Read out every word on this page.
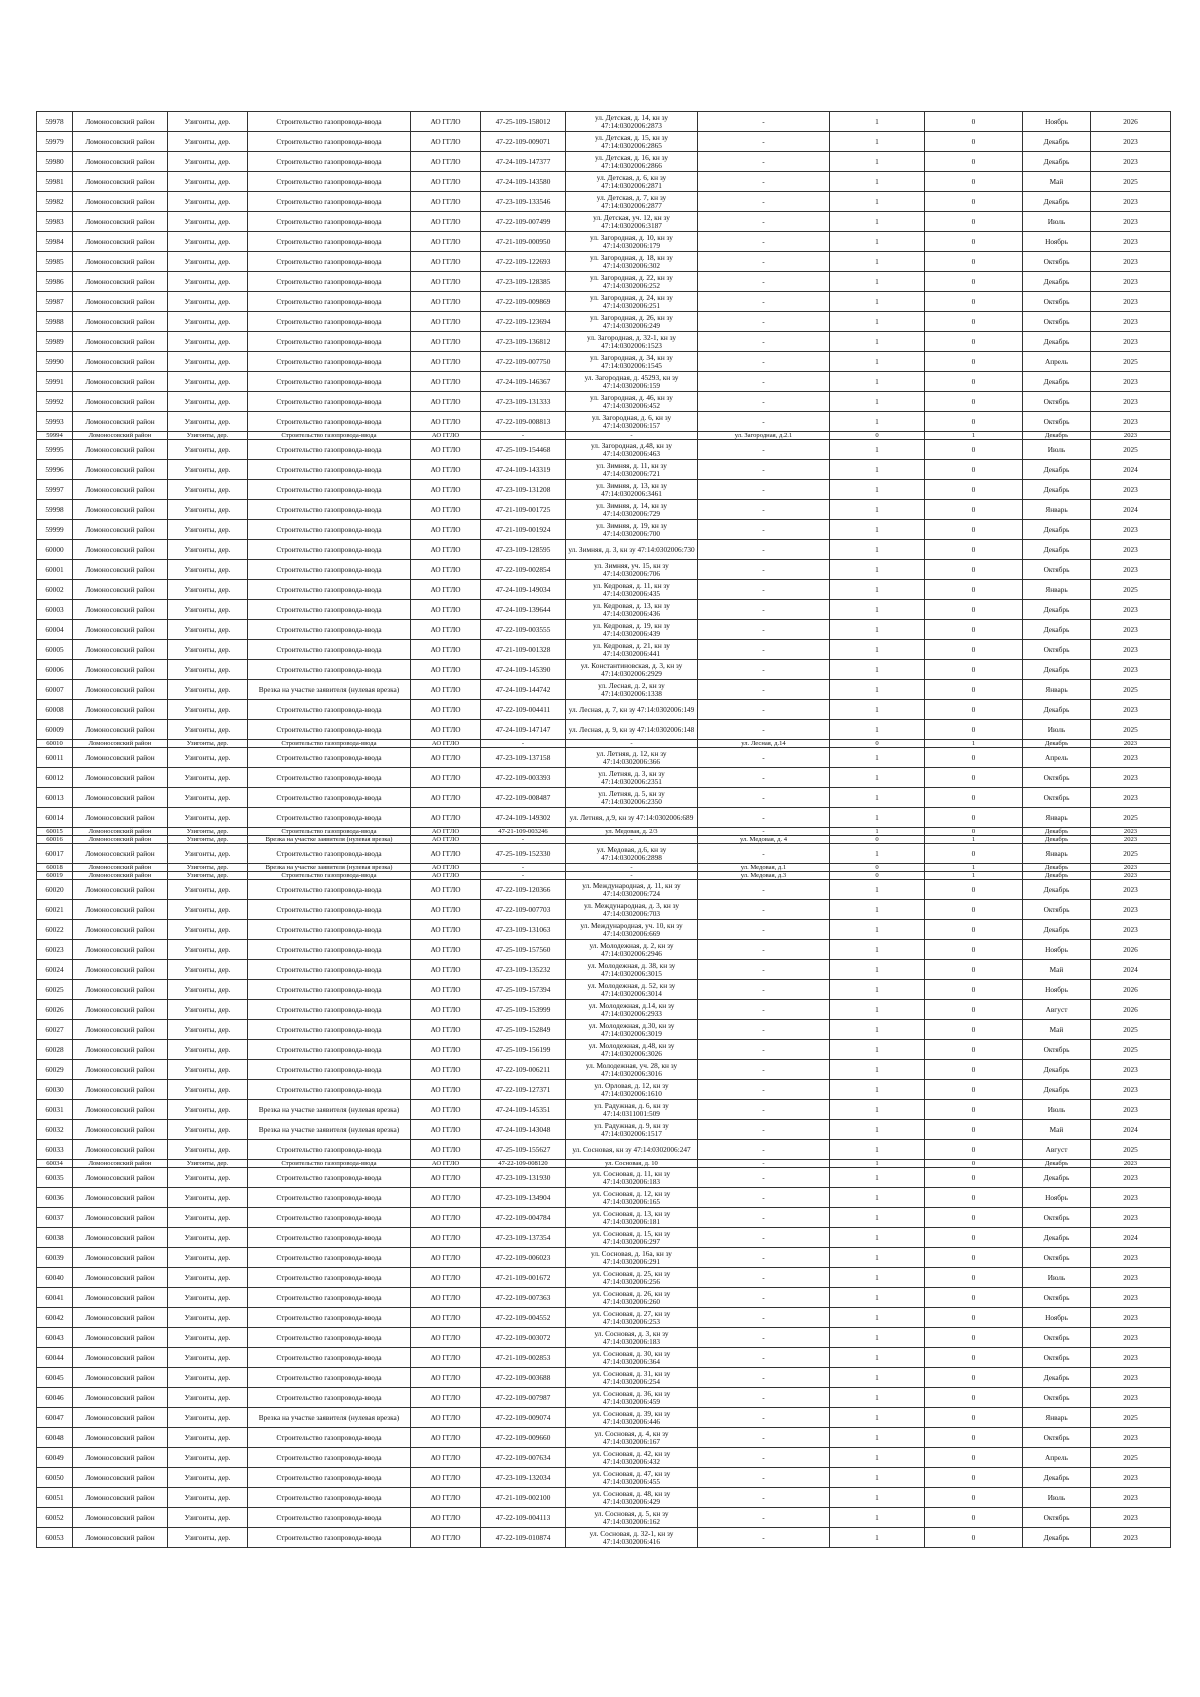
59978	Ломоносовский район	Узигонты, дер.	Строительство газопровода-ввода	АО ГГЛО	47-25-109-158012	ул. Детская, д. 14, кн зу 47:14:0302006:2873	-	1	0	Ноябрь	2026
59979	Ломоносовский район	Узигонты, дер.	Строительство газопровода-ввода	АО ГГЛО	47-22-109-009071	ул. Детская, д. 15, кн зу 47:14:0302006:2865	-	1	0	Декабрь	2023
59980	Ломоносовский район	Узигонты, дер.	Строительство газопровода-ввода	АО ГГЛО	47-24-109-147377	ул. Детская, д. 16, кн зу 47:14:0302006:2866	-	1	0	Декабрь	2023
59981	Ломоносовский район	Узигонты, дер.	Строительство газопровода-ввода	АО ГГЛО	47-24-109-143580	ул. Детская, д. 6, кн зу 47:14:0302006:2871	-	1	0	Май	2025
59982	Ломоносовский район	Узигонты, дер.	Строительство газопровода-ввода	АО ГГЛО	47-23-109-133546	ул. Детская, д. 7, кн зу 47:14:0302006:2877	-	1	0	Декабрь	2023
59983	Ломоносовский район	Узигонты, дер.	Строительство газопровода-ввода	АО ГГЛО	47-22-109-007499	ул. Детская, уч. 12, кн зу 47:14:0302006:3187	-	1	0	Июль	2023
59984	Ломоносовский район	Узигонты, дер.	Строительство газопровода-ввода	АО ГГЛО	47-21-109-000950	ул. Загородная, д. 10, кн зу 47:14:0302006:179	-	1	0	Ноябрь	2023
59985	Ломоносовский район	Узигонты, дер.	Строительство газопровода-ввода	АО ГГЛО	47-22-109-122693	ул. Загородная, д. 18, кн зу 47:14:0302006:302	-	1	0	Октябрь	2023
59986	Ломоносовский район	Узигонты, дер.	Строительство газопровода-ввода	АО ГГЛО	47-23-109-128385	ул. Загородная, д. 22, кн зу 47:14:0302006:252	-	1	0	Декабрь	2023
59987	Ломоносовский район	Узигонты, дер.	Строительство газопровода-ввода	АО ГГЛО	47-22-109-009869	ул. Загородная, д. 24, кн зу 47:14:0302006:251	-	1	0	Октябрь	2023
59988	Ломоносовский район	Узигонты, дер.	Строительство газопровода-ввода	АО ГГЛО	47-22-109-123694	ул. Загородная, д. 26, кн зу 47:14:0302006:249	-	1	0	Октябрь	2023
59989	Ломоносовский район	Узигонты, дер.	Строительство газопровода-ввода	АО ГГЛО	47-23-109-136812	ул. Загородная, д. 32-1, кн зу 47:14:0302006:1523	-	1	0	Декабрь	2023
59990	Ломоносовский район	Узигонты, дер.	Строительство газопровода-ввода	АО ГГЛО	47-22-109-007750	ул. Загородная, д. 34, кн зу 47:14:0302006:1545	-	1	0	Апрель	2025
59991	Ломоносовский район	Узигонты, дер.	Строительство газопровода-ввода	АО ГГЛО	47-24-109-146367	ул. Загородная, д. 45293, кн зу 47:14:0302006:159	-	1	0	Декабрь	2023
59992	Ломоносовский район	Узигонты, дер.	Строительство газопровода-ввода	АО ГГЛО	47-23-109-131333	ул. Загородная, д. 46, кн зу 47:14:0302006:452	-	1	0	Октябрь	2023
59993	Ломоносовский район	Узигонты, дер.	Строительство газопровода-ввода	АО ГГЛО	47-22-109-008813	ул. Загородная, д. 6, кн зу 47:14:0302006:157	-	1	0	Октябрь	2023
59994	Ломоносовский район	Узигонты, дер.	Строительство газопровода-ввода	АО ГГЛО	-	-	ул. Загородная, д.2.1	0	1	Декабрь	2023
59995	Ломоносовский район	Узигонты, дер.	Строительство газопровода-ввода	АО ГГЛО	47-25-109-154468	ул. Загородная, д.48, кн зу 47:14:0302006:463	-	1	0	Июль	2025
59996	Ломоносовский район	Узигонты, дер.	Строительство газопровода-ввода	АО ГГЛО	47-24-109-143319	ул. Зимняя, д. 11, кн зу 47:14:0302006:721	-	1	0	Декабрь	2024
59997	Ломоносовский район	Узигонты, дер.	Строительство газопровода-ввода	АО ГГЛО	47-23-109-131208	ул. Зимняя, д. 13, кн зу 47:14:0302006:3461	-	1	0	Декабрь	2023
59998	Ломоносовский район	Узигонты, дер.	Строительство газопровода-ввода	АО ГГЛО	47-21-109-001725	ул. Зимняя, д. 14, кн зу 47:14:0302006:729	-	1	0	Январь	2024
59999	Ломоносовский район	Узигонты, дер.	Строительство газопровода-ввода	АО ГГЛО	47-21-109-001924	ул. Зимняя, д. 19, кн зу 47:14:0302006:700	-	1	0	Декабрь	2023
60000	Ломоносовский район	Узигонты, дер.	Строительство газопровода-ввода	АО ГГЛО	47-23-109-128595	ул. Зимняя, д. 3, кн зу 47:14:0302006:730	-	1	0	Декабрь	2023
60001	Ломоносовский район	Узигонты, дер.	Строительство газопровода-ввода	АО ГГЛО	47-22-109-002854	ул. Зимняя, уч. 15, кн зу 47:14:0302006:706	-	1	0	Октябрь	2023
60002	Ломоносовский район	Узигонты, дер.	Строительство газопровода-ввода	АО ГГЛО	47-24-109-149034	ул. Кедровая, д. 11, кн зу 47:14:0302006:435	-	1	0	Январь	2025
60003	Ломоносовский район	Узигонты, дер.	Строительство газопровода-ввода	АО ГГЛО	47-24-109-139644	ул. Кедровая, д. 13, кн зу 47:14:0302006:436	-	1	0	Декабрь	2023
60004	Ломоносовский район	Узигонты, дер.	Строительство газопровода-ввода	АО ГГЛО	47-22-109-003555	ул. Кедровая, д. 19, кн зу 47:14:0302006:439	-	1	0	Декабрь	2023
60005	Ломоносовский район	Узигонты, дер.	Строительство газопровода-ввода	АО ГГЛО	47-21-109-001328	ул. Кедровая, д. 21, кн зу 47:14:0302006:441	-	1	0	Октябрь	2023
60006	Ломоносовский район	Узигонты, дер.	Строительство газопровода-ввода	АО ГГЛО	47-24-109-145390	ул. Константиновская, д. 3, кн зу 47:14:0302006:2929	-	1	0	Декабрь	2023
60007	Ломоносовский район	Узигонты, дер.	Врезка на участке заявителя (нулевая врезка)	АО ГГЛО	47-24-109-144742	ул. Лесная, д. 2, кн зу 47:14:0302006:1338	-	1	0	Январь	2025
60008	Ломоносовский район	Узигонты, дер.	Строительство газопровода-ввода	АО ГГЛО	47-22-109-004411	ул. Лесная, д. 7, кн зу 47:14:0302006:149	-	1	0	Декабрь	2023
60009	Ломоносовский район	Узигонты, дер.	Строительство газопровода-ввода	АО ГГЛО	47-24-109-147147	ул. Лесная, д. 9, кн зу 47:14:0302006:148	-	1	0	Июль	2025
60010	Ломоносовский район	Узигонты, дер.	Строительство газопровода-ввода	АО ГГЛО	-	-	ул. Лесная, д.14	0	1	Декабрь	2023
60011	Ломоносовский район	Узигонты, дер.	Строительство газопровода-ввода	АО ГГЛО	47-23-109-137158	ул. Летняя, д. 12, кн зу 47:14:0302006:366	-	1	0	Апрель	2023
60012	Ломоносовский район	Узигонты, дер.	Строительство газопровода-ввода	АО ГГЛО	47-22-109-003393	ул. Летняя, д. 3, кн зу 47:14:0302006:2351	-	1	0	Октябрь	2023
60013	Ломоносовский район	Узигонты, дер.	Строительство газопровода-ввода	АО ГГЛО	47-22-109-008487	ул. Летняя, д. 5, кн зу 47:14:0302006:2350	-	1	0	Октябрь	2023
60014	Ломоносовский район	Узигонты, дер.	Строительство газопровода-ввода	АО ГГЛО	47-24-109-149302	ул. Летняя, д.9, кн зу 47:14:0302006:689	-	1	0	Январь	2025
60015	Ломоносовский район	Узигонты, дер.	Строительство газопровода-ввода	АО ГГЛО	47-21-109-003246	ул. Медовая, д. 2/3	-	1	0	Декабрь	2023
60016	Ломоносовский район	Узигонты, дер.	Врезка на участке заявителя (нулевая врезка)	АО ГГЛО	-	-	ул. Медовая, д. 4	0	1	Декабрь	2023
60017	Ломоносовский район	Узигонты, дер.	Строительство газопровода-ввода	АО ГГЛО	47-25-109-152330	ул. Медовая, д.6, кн зу 47:14:0302006:2898	-	1	0	Январь	2025
60018	Ломоносовский район	Узигонты, дер.	Врезка на участке заявителя (нулевая врезка)	АО ГГЛО	-	-	ул. Медовая, д.1	0	1	Декабрь	2023
60019	Ломоносовский район	Узигонты, дер.	Строительство газопровода-ввода	АО ГГЛО	-	-	ул. Медовая, д.3	0	1	Декабрь	2023
60020	Ломоносовский район	Узигонты, дер.	Строительство газопровода-ввода	АО ГГЛО	47-22-109-120366	ул. Международная, д. 11, кн зу 47:14:0302006:724	-	1	0	Декабрь	2023
60021	Ломоносовский район	Узигонты, дер.	Строительство газопровода-ввода	АО ГГЛО	47-22-109-007703	ул. Международная, д. 3, кн зу 47:14:0302006:703	-	1	0	Октябрь	2023
60022	Ломоносовский район	Узигонты, дер.	Строительство газопровода-ввода	АО ГГЛО	47-23-109-131063	ул. Международная, уч. 10, кн зу 47:14:0302006:669	-	1	0	Декабрь	2023
60023	Ломоносовский район	Узигонты, дер.	Строительство газопровода-ввода	АО ГГЛО	47-25-109-157560	ул. Молодежная, д. 2, кн зу 47:14:0302006:2946	-	1	0	Ноябрь	2026
60024	Ломоносовский район	Узигонты, дер.	Строительство газопровода-ввода	АО ГГЛО	47-23-109-135232	ул. Молодежная, д. 38, кн зу 47:14:0302006:3015	-	1	0	Май	2024
60025	Ломоносовский район	Узигонты, дер.	Строительство газопровода-ввода	АО ГГЛО	47-25-109-157394	ул. Молодежная, д. 52, кн зу 47:14:0302006:3014	-	1	0	Ноябрь	2026
60026	Ломоносовский район	Узигонты, дер.	Строительство газопровода-ввода	АО ГГЛО	47-25-109-153999	ул. Молодежная, д.14, кн зу 47:14:0302006:2933	-	1	0	Август	2026
60027	Ломоносовский район	Узигонты, дер.	Строительство газопровода-ввода	АО ГГЛО	47-25-109-152849	ул. Молодежная, д.30, кн зу 47:14:0302006:3019	-	1	0	Май	2025
60028	Ломоносовский район	Узигонты, дер.	Строительство газопровода-ввода	АО ГГЛО	47-25-109-156199	ул. Молодежная, д.48, кн зу 47:14:0302006:3026	-	1	0	Октябрь	2025
60029	Ломоносовский район	Узигонты, дер.	Строительство газопровода-ввода	АО ГГЛО	47-22-109-006211	ул. Молодежная, уч. 28, кн зу 47:14:0302006:3016	-	1	0	Декабрь	2023
60030	Ломоносовский район	Узигонты, дер.	Строительство газопровода-ввода	АО ГГЛО	47-22-109-127371	ул. Орловая, д. 12, кн зу 47:14:0302006:1610	-	1	0	Декабрь	2023
60031	Ломоносовский район	Узигонты, дер.	Врезка на участке заявителя (нулевая врезка)	АО ГГЛО	47-24-109-145351	ул. Радужная, д. 6, кн зу 47:14:0311001:509	-	1	0	Июль	2023
60032	Ломоносовский район	Узигонты, дер.	Врезка на участке заявителя (нулевая врезка)	АО ГГЛО	47-24-109-143048	ул. Радужная, д. 9, кн зу 47:14:0302006:1517	-	1	0	Май	2024
60033	Ломоносовский район	Узигонты, дер.	Строительство газопровода-ввода	АО ГГЛО	47-25-109-155627	ул. Сосновая, кн зу 47:14:0302006:247	-	1	0	Август	2025
60034	Ломоносовский район	Узигонты, дер.	Строительство газопровода-ввода	АО ГГЛО	47-22-109-008120	ул. Сосновая, д. 10	-	1	0	Декабрь	2023
60035	Ломоносовский район	Узигонты, дер.	Строительство газопровода-ввода	АО ГГЛО	47-23-109-131930	ул. Сосновая, д. 11, кн зу 47:14:0302006:183	-	1	0	Декабрь	2023
60036	Ломоносовский район	Узигонты, дер.	Строительство газопровода-ввода	АО ГГЛО	47-23-109-134904	ул. Сосновая, д. 12, кн зу 47:14:0302006:165	-	1	0	Ноябрь	2023
60037	Ломоносовский район	Узигонты, дер.	Строительство газопровода-ввода	АО ГГЛО	47-22-109-004784	ул. Сосновая, д. 13, кн зу 47:14:0302006:181	-	1	0	Октябрь	2023
60038	Ломоносовский район	Узигонты, дер.	Строительство газопровода-ввода	АО ГГЛО	47-23-109-137354	ул. Сосновая, д. 15, кн зу 47:14:0302006:297	-	1	0	Декабрь	2024
60039	Ломоносовский район	Узигонты, дер.	Строительство газопровода-ввода	АО ГГЛО	47-22-109-006023	ул. Сосновая, д. 16а, кн зу 47:14:0302006:291	-	1	0	Октябрь	2023
60040	Ломоносовский район	Узигонты, дер.	Строительство газопровода-ввода	АО ГГЛО	47-21-109-001672	ул. Сосновая, д. 25, кн зу 47:14:0302006:256	-	1	0	Июль	2023
60041	Ломоносовский район	Узигонты, дер.	Строительство газопровода-ввода	АО ГГЛО	47-22-109-007363	ул. Сосновая, д. 26, кн зу 47:14:0302006:260	-	1	0	Октябрь	2023
60042	Ломоносовский район	Узигонты, дер.	Строительство газопровода-ввода	АО ГГЛО	47-22-109-004552	ул. Сосновая, д. 27, кн зу 47:14:0302006:253	-	1	0	Ноябрь	2023
60043	Ломоносовский район	Узигонты, дер.	Строительство газопровода-ввода	АО ГГЛО	47-22-109-003072	ул. Сосновая, д. 3, кн зу 47:14:0302006:183	-	1	0	Октябрь	2023
60044	Ломоносовский район	Узигонты, дер.	Строительство газопровода-ввода	АО ГГЛО	47-21-109-002853	ул. Сосновая, д. 30, кн зу 47:14:0302006:364	-	1	0	Октябрь	2023
60045	Ломоносовский район	Узигонты, дер.	Строительство газопровода-ввода	АО ГГЛО	47-22-109-003688	ул. Сосновая, д. 31, кн зу 47:14:0302006:254	-	1	0	Декабрь	2023
60046	Ломоносовский район	Узигонты, дер.	Строительство газопровода-ввода	АО ГГЛО	47-22-109-007987	ул. Сосновая, д. 36, кн зу 47:14:0302006:459	-	1	0	Октябрь	2023
60047	Ломоносовский район	Узигонты, дер.	Врезка на участке заявителя (нулевая врезка)	АО ГГЛО	47-22-109-009074	ул. Сосновая, д. 39, кн зу 47:14:0302006:446	-	1	0	Январь	2025
60048	Ломоносовский район	Узигонты, дер.	Строительство газопровода-ввода	АО ГГЛО	47-22-109-009660	ул. Сосновая, д. 4, кн зу 47:14:0302006:167	-	1	0	Октябрь	2023
60049	Ломоносовский район	Узигонты, дер.	Строительство газопровода-ввода	АО ГГЛО	47-22-109-007634	ул. Сосновая, д. 42, кн зу 47:14:0302006:432	-	1	0	Апрель	2025
60050	Ломоносовский район	Узигонты, дер.	Строительство газопровода-ввода	АО ГГЛО	47-23-109-132034	ул. Сосновая, д. 47, кн зу 47:14:0302006:455	-	1	0	Декабрь	2023
60051	Ломоносовский район	Узигонты, дер.	Строительство газопровода-ввода	АО ГГЛО	47-21-109-002100	ул. Сосновая, д. 48, кн зу 47:14:0302006:429	-	1	0	Июль	2023
60052	Ломоносовский район	Узигонты, дер.	Строительство газопровода-ввода	АО ГГЛО	47-22-109-004113	ул. Сосновая, д. 5, кн зу 47:14:0302006:162	-	1	0	Октябрь	2023
60053	Ломоносовский район	Узигонты, дер.	Строительство газопровода-ввода	АО ГГЛО	47-22-109-010874	ул. Сосновая, д. 32-1, кн зу 47:14:0302006:416	-	1	0	Декабрь	2023
